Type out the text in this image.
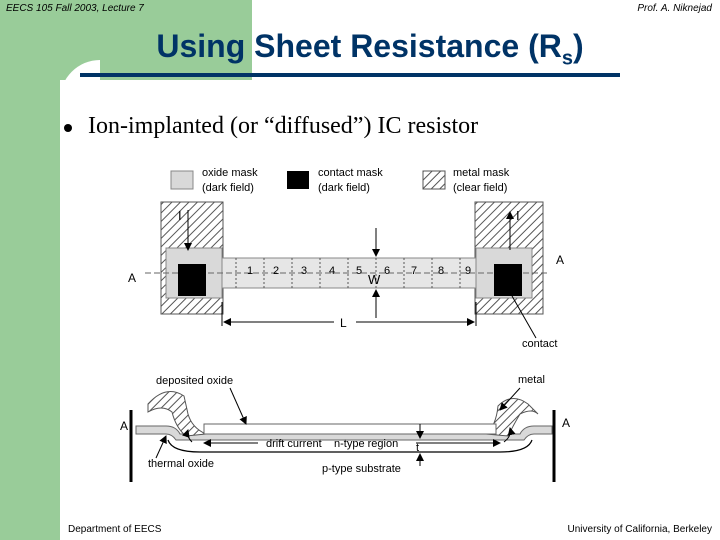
EECS 105 Fall 2003, Lecture 7	Prof. A. Niknejad
Using Sheet Resistance $(R_s)$
Ion-implanted (or “diffused”) IC resistor
oxide mask
(dark field)
contact mask
(dark field)
metal mask
(clear field)
1 2 3 4 5 6 7 8 9
I	I
A
A
W
L
contact
A	A
drift current n-type region t
deposited oxide	metal
thermal oxide	p-type substrate
Department of EECS	University of California, Berkeley
